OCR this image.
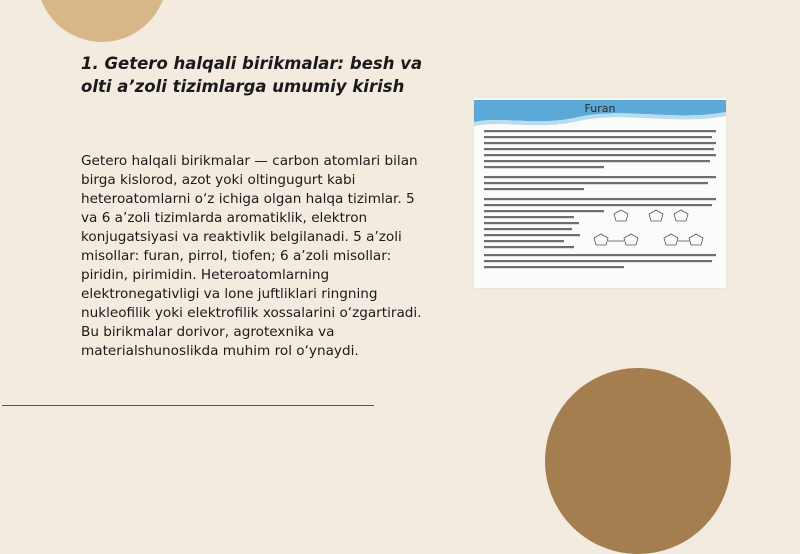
1. Getero halqali birikmalar: besh va olti a’zoli tizimlarga umumiy kirish

Getero halqali birikmalar — carbon atomlari bilan birga kislorod, azot yoki oltingugurt kabi heteroatomlarni o‘z ichiga olgan halqa tizimlar. 5 va 6 a’zoli tizimlarda aromatiklik, elektron konjugatsiyasi va reaktivlik belgilanadi. 5 a’zoli misollar: furan, pirrol, tiofen; 6 a’zoli misollar: piridin, pirimidin. Heteroatomlarning elektronegativligi va lone juftliklari ringning nukleofilik yoki elektrofilik xossalarini o‘zgartiradi. Bu birikmalar dorivor, agrotexnika va materialshunoslikda muhim rol o‘ynaydi.

Furan
